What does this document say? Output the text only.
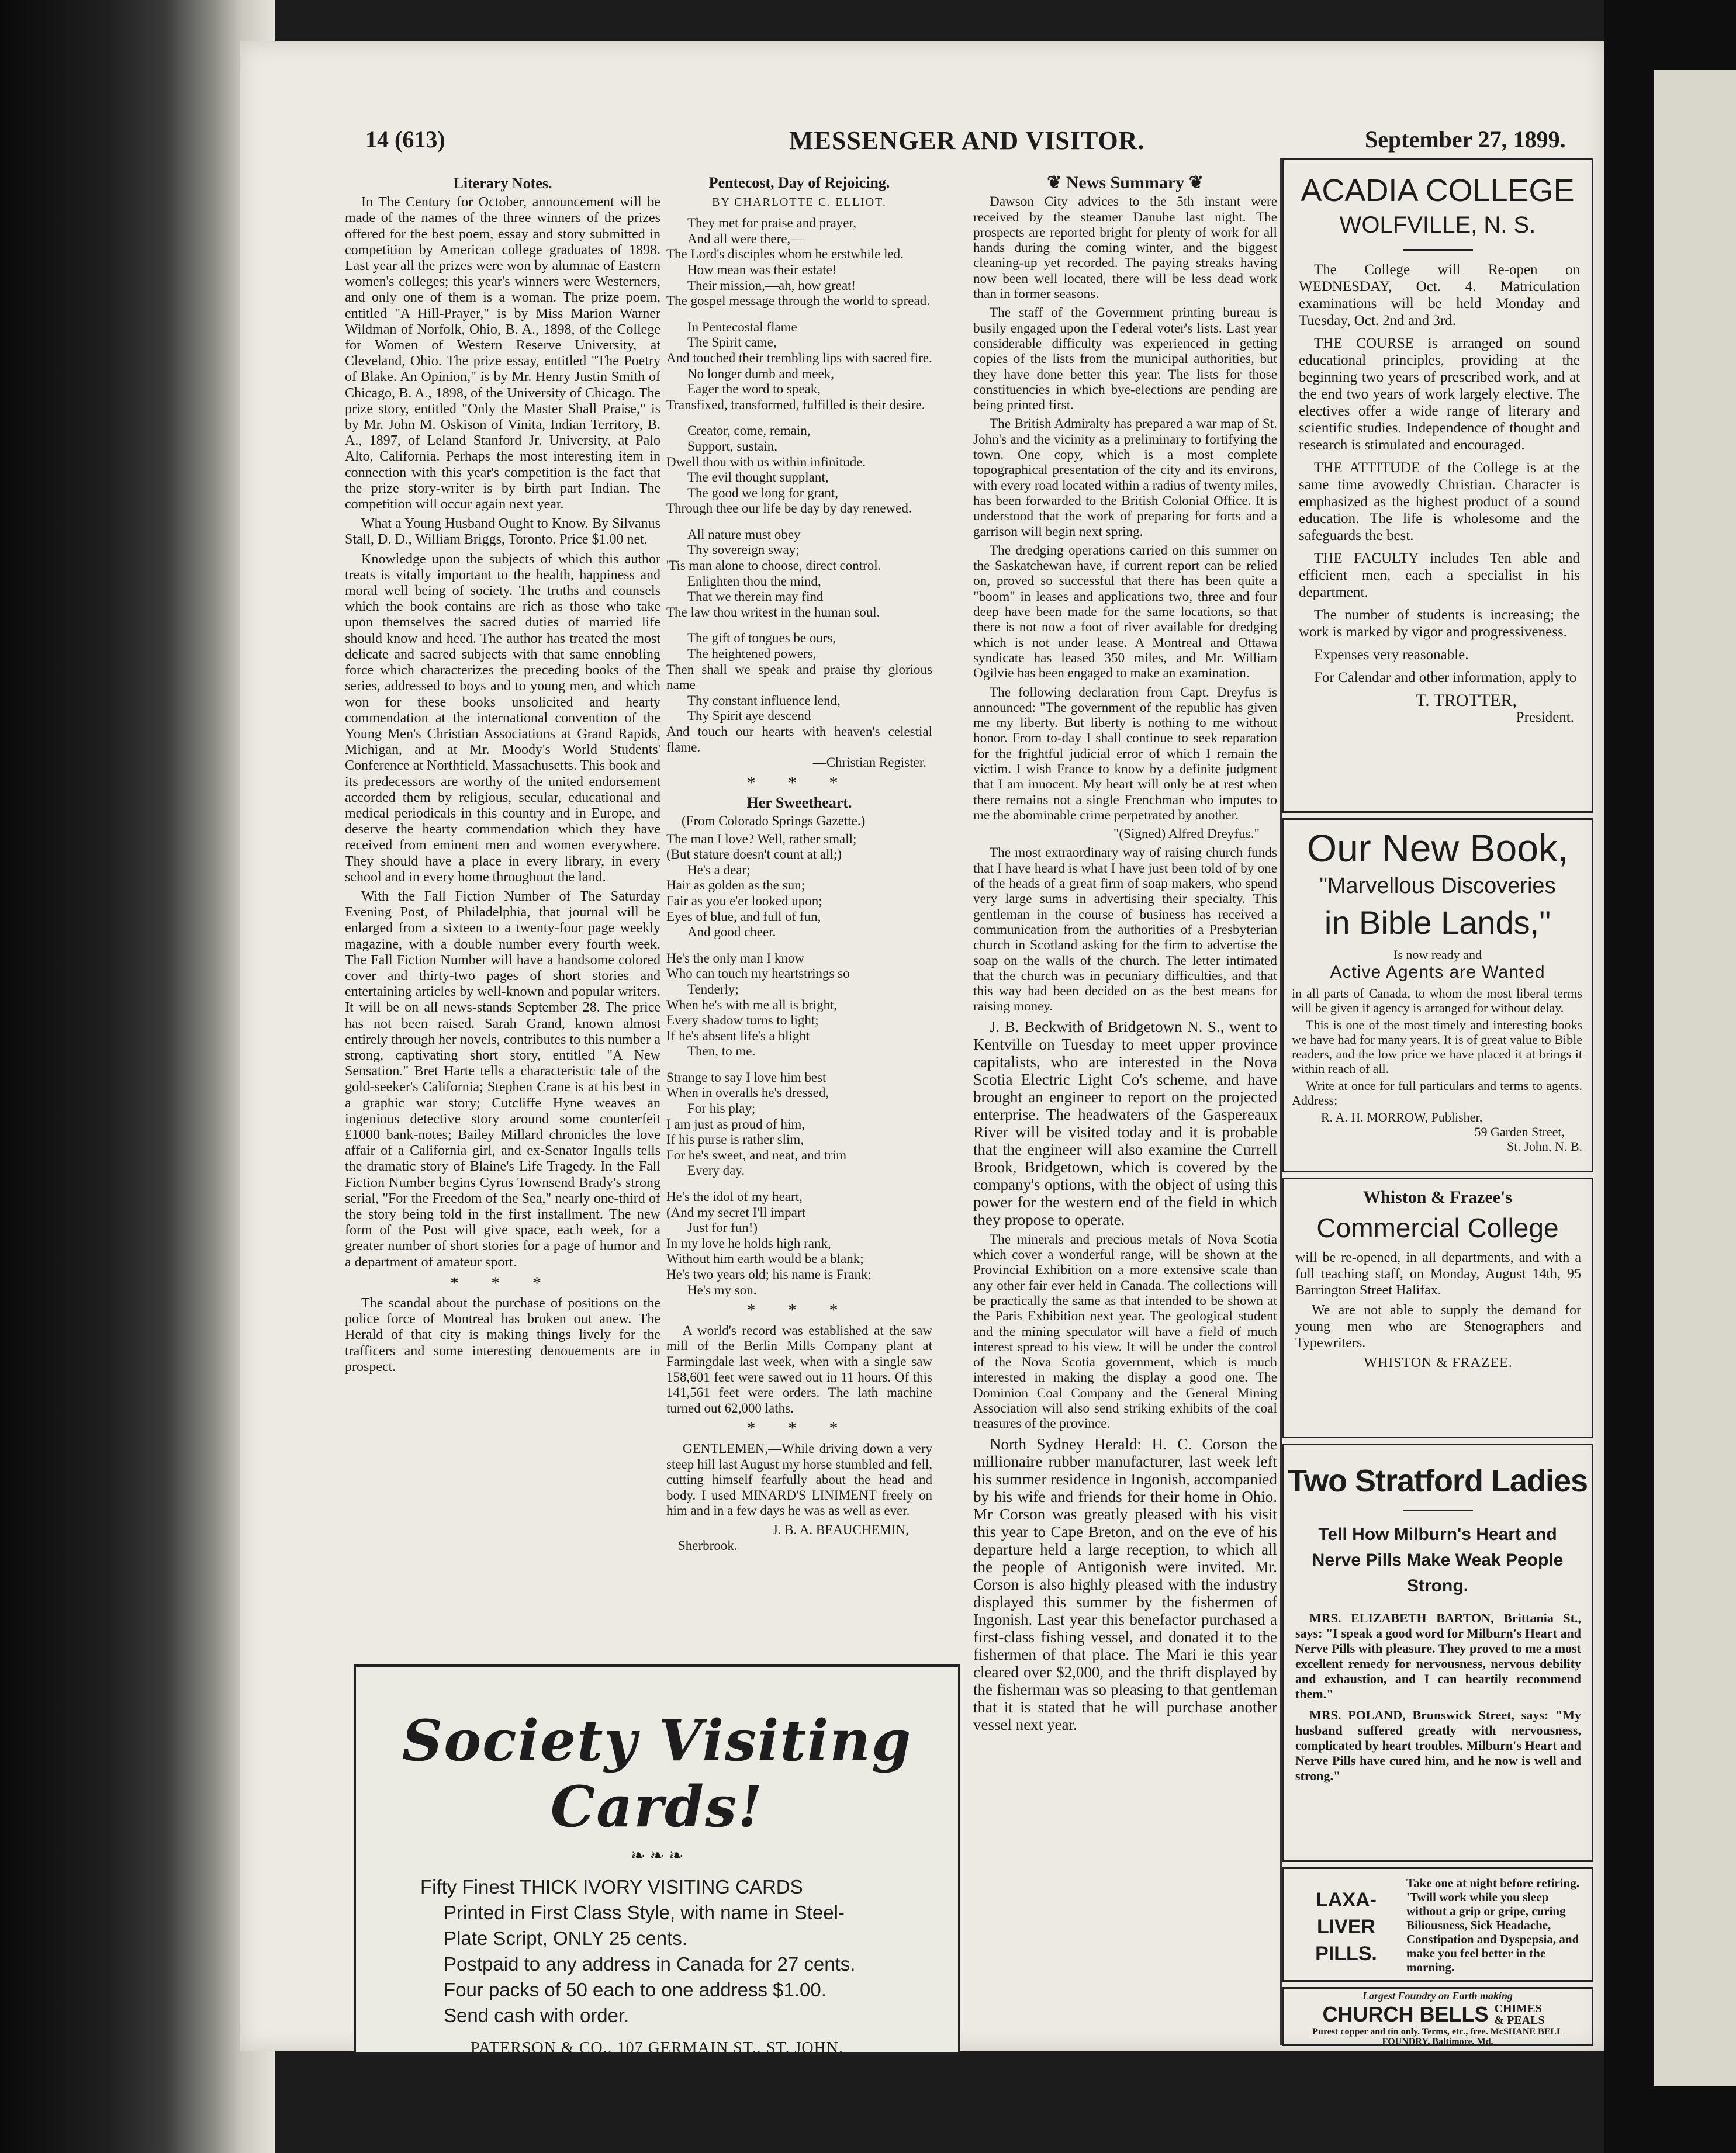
14 (613)	MESSENGER AND VISITOR.	September 27, 1899.

Literary Notes.

In The Century for October, announcement will be made of the names of the three winners of the prizes offered for the best poem, essay and story submitted in competition by American college graduates of 1898. Last year all the prizes were won by alumnae of Eastern women's colleges; this year's winners were Westerners, and only one of them is a woman. The prize poem, entitled "A Hill-Prayer," is by Miss Marion Warner Wildman of Norfolk, Ohio, B. A., 1898, of the College for Women of Western Reserve University, at Cleveland, Ohio. The prize essay, entitled "The Poetry of Blake. An Opinion," is by Mr. Henry Justin Smith of Chicago, B. A., 1898, of the University of Chicago. The prize story, entitled "Only the Master Shall Praise," is by Mr. John M. Oskison of Vinita, Indian Territory, B. A., 1897, of Leland Stanford Jr. University, at Palo Alto, California. Perhaps the most interesting item in connection with this year's competition is the fact that the prize story-writer is by birth part Indian. The competition will occur again next year.

What a Young Husband Ought to Know. By Silvanus Stall, D. D., William Briggs, Toronto. Price $1.00 net.

Knowledge upon the subjects of which this author treats is vitally important to the health, happiness and moral well being of society. The truths and counsels which the book contains are rich as those who take upon themselves the sacred duties of married life should know and heed. The author has treated the most delicate and sacred subjects with that same ennobling force which characterizes the preceding books of the series, addressed to boys and to young men, and which won for these books unsolicited and hearty commendation at the international convention of the Young Men's Christian Associations at Grand Rapids, Michigan, and at Mr. Moody's World Students' Conference at Northfield, Massachusetts. This book and its predecessors are worthy of the united endorsement accorded them by religious, secular, educational and medical periodicals in this country and in Europe, and deserve the hearty commendation which they have received from eminent men and women everywhere. They should have a place in every library, in every school and in every home throughout the land.

With the Fall Fiction Number of The Saturday Evening Post, of Philadelphia, that journal will be enlarged from a sixteen to a twenty-four page weekly magazine, with a double number every fourth week. The Fall Fiction Number will have a handsome colored cover and thirty-two pages of short stories and entertaining articles by well-known and popular writers. It will be on all news-stands September 28. The price has not been raised. Sarah Grand, known almost entirely through her novels, contributes to this number a strong, captivating short story, entitled "A New Sensation." Bret Harte tells a characteristic tale of the gold-seeker's California; Stephen Crane is at his best in a graphic war story; Cutcliffe Hyne weaves an ingenious detective story around some counterfeit £1000 bank-notes; Bailey Millard chronicles the love affair of a California girl, and ex-Senator Ingalls tells the dramatic story of Blaine's Life Tragedy. In the Fall Fiction Number begins Cyrus Townsend Brady's strong serial, "For the Freedom of the Sea," nearly one-third of the story being told in the first installment. The new form of the Post will give space, each week, for a greater number of short stories for a page of humor and a department of amateur sport.

* * *

The scandal about the purchase of positions on the police force of Montreal has broken out anew. The Herald of that city is making things lively for the trafficers and some interesting denouements are in prospect.

Pentecost, Day of Rejoicing.

BY CHARLOTTE C. ELLIOT.
They met for praise and prayer,
And all were there,—
The Lord's disciples whom he erstwhile led.
How mean was their estate!
Their mission,—ah, how great!
The gospel message through the world to spread.
In Pentecostal flame
The Spirit came,
And touched their trembling lips with sacred fire.
No longer dumb and meek,
Eager the word to speak,
Transfixed, transformed, fulfilled is their desire.
Creator, come, remain,
Support, sustain,
Dwell thou with us within infinitude.
The evil thought supplant,
The good we long for grant,
Through thee our life be day by day renewed.
All nature must obey
Thy sovereign sway;
'Tis man alone to choose, direct control.
Enlighten thou the mind,
That we therein may find
The law thou writest in the human soul.
The gift of tongues be ours,
The heightened powers,
Then shall we speak and praise thy glorious name
Thy constant influence lend,
Thy Spirit aye descend
And touch our hearts with heaven's celestial flame.
—Christian Register.
* * *

Her Sweetheart.

(From Colorado Springs Gazette.)
The man I love? Well, rather small;
(But stature doesn't count at all;)
He's a dear;
Hair as golden as the sun;
Fair as you e'er looked upon;
Eyes of blue, and full of fun,
And good cheer.
He's the only man I know
Who can touch my heartstrings so
Tenderly;
When he's with me all is bright,
Every shadow turns to light;
If he's absent life's a blight
Then, to me.
Strange to say I love him best
When in overalls he's dressed,
For his play;
I am just as proud of him,
If his purse is rather slim,
For he's sweet, and neat, and trim
Every day.
He's the idol of my heart,
(And my secret I'll impart
Just for fun!)
In my love he holds high rank,
Without him earth would be a blank;
He's two years old; his name is Frank;
He's my son.
* * *

A world's record was established at the saw mill of the Berlin Mills Company plant at Farmingdale last week, when with a single saw 158,601 feet were sawed out in 11 hours. Of this 141,561 feet were orders. The lath machine turned out 62,000 laths.

* * *

GENTLEMEN,—While driving down a very steep hill last August my horse stumbled and fell, cutting himself fearfully about the head and body. I used MINARD'S LINIMENT freely on him and in a few days he was as well as ever.

J. B. A. BEAUCHEMIN,
Sherbrook.

❦ News Summary ❦

Dawson City advices to the 5th instant were received by the steamer Danube last night. The prospects are reported bright for plenty of work for all hands during the coming winter, and the biggest cleaning-up yet recorded. The paying streaks having now been well located, there will be less dead work than in former seasons.

The staff of the Government printing bureau is busily engaged upon the Federal voter's lists. Last year considerable difficulty was experienced in getting copies of the lists from the municipal authorities, but they have done better this year. The lists for those constituencies in which bye-elections are pending are being printed first.

The British Admiralty has prepared a war map of St. John's and the vicinity as a preliminary to fortifying the town. One copy, which is a most complete topographical presentation of the city and its environs, with every road located within a radius of twenty miles, has been forwarded to the British Colonial Office. It is understood that the work of preparing for forts and a garrison will begin next spring.

The dredging operations carried on this summer on the Saskatchewan have, if current report can be relied on, proved so successful that there has been quite a "boom" in leases and applications two, three and four deep have been made for the same locations, so that there is not now a foot of river available for dredging which is not under lease. A Montreal and Ottawa syndicate has leased 350 miles, and Mr. William Ogilvie has been engaged to make an examination.

The following declaration from Capt. Dreyfus is announced: "The government of the republic has given me my liberty. But liberty is nothing to me without honor. From to-day I shall continue to seek reparation for the frightful judicial error of which I remain the victim. I wish France to know by a definite judgment that I am innocent. My heart will only be at rest when there remains not a single Frenchman who imputes to me the abominable crime perpetrated by another.

"(Signed) Alfred Dreyfus."

The most extraordinary way of raising church funds that I have heard is what I have just been told of by one of the heads of a great firm of soap makers, who spend very large sums in advertising their specialty. This gentleman in the course of business has received a communication from the authorities of a Presbyterian church in Scotland asking for the firm to advertise the soap on the walls of the church. The letter intimated that the church was in pecuniary difficulties, and that this way had been decided on as the best means for raising money.

J. B. Beckwith of Bridgetown N. S., went to Kentville on Tuesday to meet upper province capitalists, who are interested in the Nova Scotia Electric Light Co's scheme, and have brought an engineer to report on the projected enterprise. The headwaters of the Gaspereaux River will be visited today and it is probable that the engineer will also examine the Currell Brook, Bridgetown, which is covered by the company's options, with the object of using this power for the western end of the field in which they propose to operate.

The minerals and precious metals of Nova Scotia which cover a wonderful range, will be shown at the Provincial Exhibition on a more extensive scale than any other fair ever held in Canada. The collections will be practically the same as that intended to be shown at the Paris Exhibition next year. The geological student and the mining speculator will have a field of much interest spread to his view. It will be under the control of the Nova Scotia government, which is much interested in making the display a good one. The Dominion Coal Company and the General Mining Association will also send striking exhibits of the coal treasures of the province.

North Sydney Herald: H. C. Corson the millionaire rubber manufacturer, last week left his summer residence in Ingonish, accompanied by his wife and friends for their home in Ohio. Mr Corson was greatly pleased with his visit this year to Cape Breton, and on the eve of his departure held a large reception, to which all the people of Antigonish were invited. Mr. Corson is also highly pleased with the industry displayed this summer by the fishermen of Ingonish. Last year this benefactor purchased a first-class fishing vessel, and donated it to the fishermen of that place. The Mari ie this year cleared over $2,000, and the thrift displayed by the fisherman was so pleasing to that gentleman that it is stated that he will purchase another vessel next year.

Society Visiting Cards!
❧ ❧ ❧
Fifty Finest THICK IVORY VISITING CARDS
Printed in First Class Style, with name in Steel-
Plate Script, ONLY 25 cents.
Postpaid to any address in Canada for 27 cents.
Four packs of 50 each to one address $1.00.
Send cash with order.
PATERSON & CO., 107 GERMAIN ST., ST. JOHN.
N.B.—The Cards we use are the best in the market—and are usually sold at from 50 to 75 cents a pack.
ACADIA COLLEGE
WOLFVILLE, N. S.

The College will Re-open on WEDNESDAY, Oct. 4. Matriculation examinations will be held Monday and Tuesday, Oct. 2nd and 3rd.

THE COURSE is arranged on sound educational principles, providing at the beginning two years of prescribed work, and at the end two years of work largely elective. The electives offer a wide range of literary and scientific studies. Independence of thought and research is stimulated and encouraged.

THE ATTITUDE of the College is at the same time avowedly Christian. Character is emphasized as the highest product of a sound education. The life is wholesome and the safeguards the best.

THE FACULTY includes Ten able and efficient men, each a specialist in his department.

The number of students is increasing; the work is marked by vigor and progressiveness.

Expenses very reasonable.

For Calendar and other information, apply to

T. TROTTER,
President.
Our New Book,
"Marvellous Discoveries
in Bible Lands,"
Is now ready and
Active Agents are Wanted

in all parts of Canada, to whom the most liberal terms will be given if agency is arranged for without delay.

This is one of the most timely and interesting books we have had for many years. It is of great value to Bible readers, and the low price we have placed it at brings it within reach of all.

Write at once for full particulars and terms to agents. Address:

R. A. H. MORROW, Publisher,
59 Garden Street,
St. John, N. B.
Whiston & Frazee's
Commercial College

will be re-opened, in all departments, and with a full teaching staff, on Monday, August 14th, 95 Barrington Street Halifax.

We are not able to supply the demand for young men who are Stenographers and Typewriters.

WHISTON & FRAZEE.
Two Stratford Ladies
Tell How Milburn's Heart and Nerve Pills Make Weak People Strong.

MRS. ELIZABETH BARTON, Brittania St., says: "I speak a good word for Milburn's Heart and Nerve Pills with pleasure. They proved to me a most excellent remedy for nervousness, nervous debility and exhaustion, and I can heartily recommend them."

MRS. POLAND, Brunswick Street, says: "My husband suffered greatly with nervousness, complicated by heart troubles. Milburn's Heart and Nerve Pills have cured him, and he now is well and strong."

LAXA-LIVER PILLS.
Take one at night before retiring. 'Twill work while you sleep without a grip or gripe, curing Biliousness, Sick Headache, Constipation and Dyspepsia, and make you feel better in the morning.
Largest Foundry on Earth making
CHURCH BELLS CHIMES & PEALS
Purest copper and tin only. Terms, etc., free. McSHANE BELL FOUNDRY, Baltimore, Md.
